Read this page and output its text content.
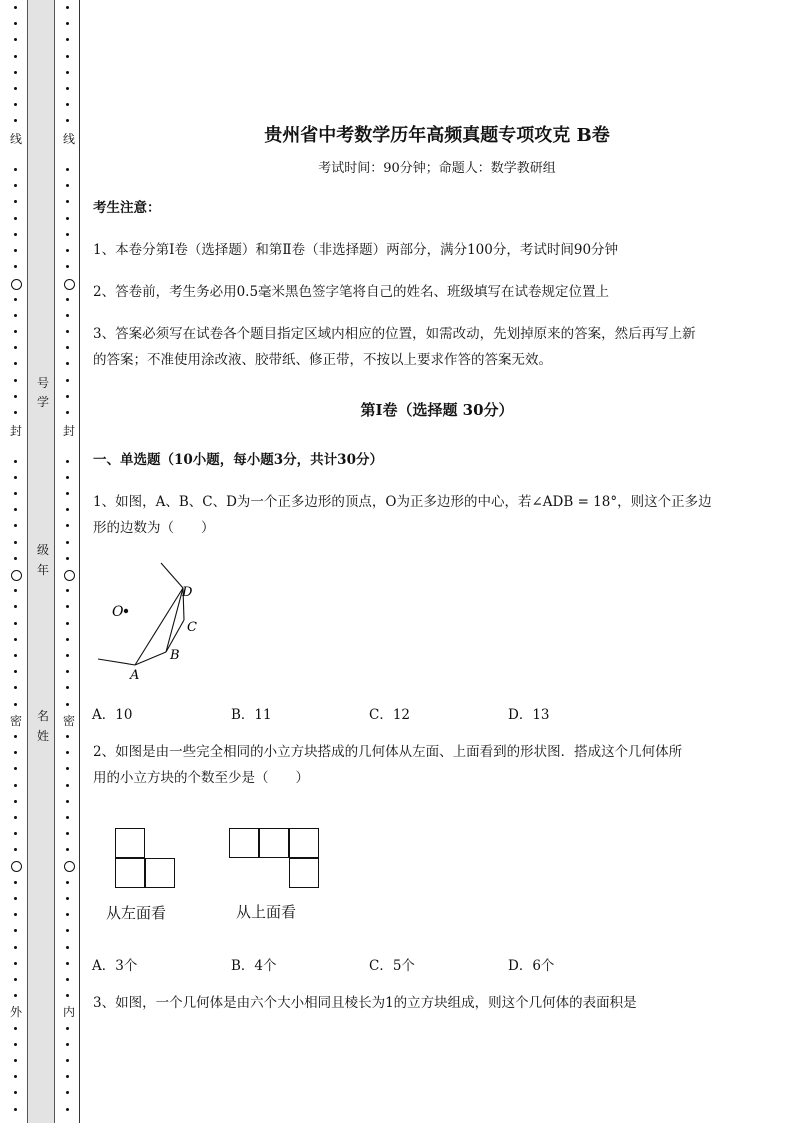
线
封
密
外
线
封
密
内
号
学
级
年
名
姓
贵州省中考数学历年高频真题专项攻克 B卷
考试时间：90分钟；命题人：数学教研组
考生注意：
1、本卷分第I卷（选择题）和第Ⅱ卷（非选择题）两部分，满分100分，考试时间90分钟
2、答卷前，考生务必用0.5毫米黑色签字笔将自己的姓名、班级填写在试卷规定位置上
3、答案必须写在试卷各个题目指定区域内相应的位置，如需改动，先划掉原来的答案，然后再写上新
的答案；不准使用涂改液、胶带纸、修正带，不按以上要求作答的答案无效。
第I卷（选择题 30分）
一、单选题（10小题，每小题3分，共计30分）
1、如图，A、B、C、D为一个正多边形的顶点，O为正多边形的中心，若∠ADB = 18°，则这个正多边
形的边数为（　　）
O
A
B
C
D
A．10	B．11	C．12	D．13
2、如图是由一些完全相同的小立方块搭成的几何体从左面、上面看到的形状图．搭成这个几何体所
用的小立方块的个数至少是（　　）
从左面看	从上面看
A．3个	B．4个	C．5个	D．6个
3、如图，一个几何体是由六个大小相同且棱长为1的立方块组成，则这个几何体的表面积是
